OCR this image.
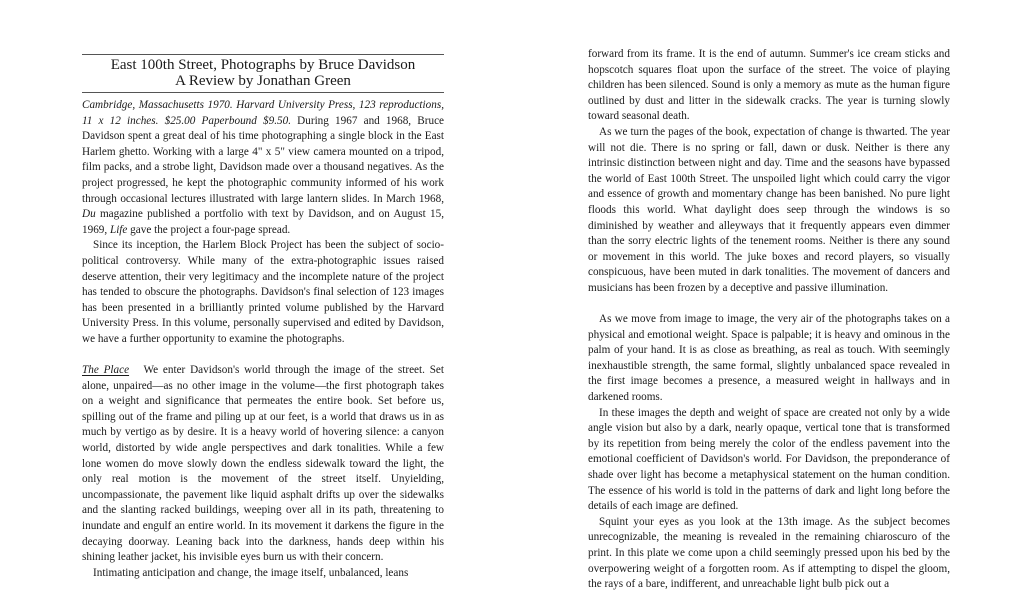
East 100th Street, Photographs by Bruce Davidson
A Review by Jonathan Green

Cambridge, Massachusetts 1970. Harvard University Press, 123 reproductions, 11 x 12 inches. $25.00 Paperbound $9.50. During 1967 and 1968, Bruce Davidson spent a great deal of his time photographing a single block in the East Harlem ghetto. Working with a large 4" x 5" view camera mounted on a tripod, film packs, and a strobe light, Davidson made over a thousand negatives. As the project progressed, he kept the photographic community informed of his work through occasional lectures illustrated with large lantern slides. In March 1968, Du magazine published a portfolio with text by Davidson, and on August 15, 1969, Life gave the project a four-page spread.

Since its inception, the Harlem Block Project has been the subject of socio-political controversy. While many of the extra-photographic issues raised deserve attention, their very legitimacy and the incomplete nature of the project has tended to obscure the photographs. Davidson's final selection of 123 images has been presented in a brilliantly printed volume published by the Harvard University Press. In this volume, personally supervised and edited by Davidson, we have a further opportunity to examine the photographs.

The Place We enter Davidson's world through the image of the street. Set alone, unpaired—as no other image in the volume—the first photograph takes on a weight and significance that permeates the entire book. Set before us, spilling out of the frame and piling up at our feet, is a world that draws us in as much by vertigo as by desire. It is a heavy world of hovering silence: a canyon world, distorted by wide angle perspectives and dark tonalities. While a few lone women do move slowly down the endless sidewalk toward the light, the only real motion is the movement of the street itself. Unyielding, uncompassionate, the pavement like liquid asphalt drifts up over the sidewalks and the slanting racked buildings, weeping over all in its path, threatening to inundate and engulf an entire world. In its movement it darkens the figure in the decaying doorway. Leaning back into the darkness, hands deep within his shining leather jacket, his invisible eyes burn us with their concern.

Intimating anticipation and change, the image itself, unbalanced, leans

forward from its frame. It is the end of autumn. Summer's ice cream sticks and hopscotch squares float upon the surface of the street. The voice of playing children has been silenced. Sound is only a memory as mute as the human figure outlined by dust and litter in the sidewalk cracks. The year is turning slowly toward seasonal death.

As we turn the pages of the book, expectation of change is thwarted. The year will not die. There is no spring or fall, dawn or dusk. Neither is there any intrinsic distinction between night and day. Time and the seasons have bypassed the world of East 100th Street. The unspoiled light which could carry the vigor and essence of growth and momentary change has been banished. No pure light floods this world. What daylight does seep through the windows is so diminished by weather and alleyways that it frequently appears even dimmer than the sorry electric lights of the tenement rooms. Neither is there any sound or movement in this world. The juke boxes and record players, so visually conspicuous, have been muted in dark tonalities. The movement of dancers and musicians has been frozen by a deceptive and passive illumination.

As we move from image to image, the very air of the photographs takes on a physical and emotional weight. Space is palpable; it is heavy and ominous in the palm of your hand. It is as close as breathing, as real as touch. With seemingly inexhaustible strength, the same formal, slightly unbalanced space revealed in the first image becomes a presence, a measured weight in hallways and in darkened rooms.

In these images the depth and weight of space are created not only by a wide angle vision but also by a dark, nearly opaque, vertical tone that is transformed by its repetition from being merely the color of the endless pavement into the emotional coefficient of Davidson's world. For Davidson, the preponderance of shade over light has become a metaphysical statement on the human condition. The essence of his world is told in the patterns of dark and light long before the details of each image are defined.

Squint your eyes as you look at the 13th image. As the subject becomes unrecognizable, the meaning is revealed in the remaining chiaroscuro of the print. In this plate we come upon a child seemingly pressed upon his bed by the overpowering weight of a forgotten room. As if attempting to dispel the gloom, the rays of a bare, indifferent, and unreachable light bulb pick out a
